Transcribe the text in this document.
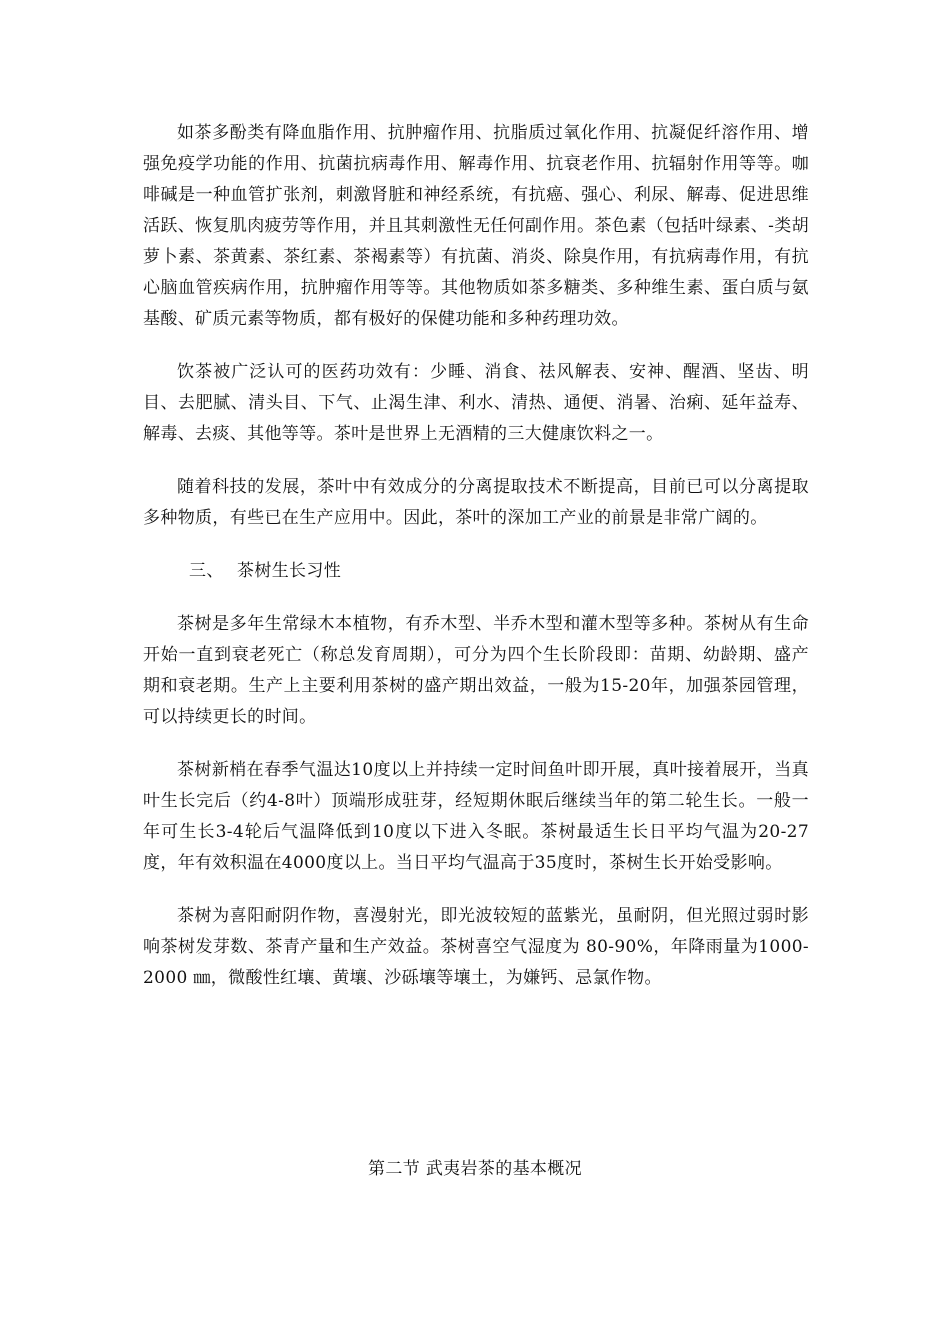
如茶多酚类有降血脂作用、抗肿瘤作用、抗脂质过氧化作用、抗凝促纤溶作用、增强免疫学功能的作用、抗菌抗病毒作用、解毒作用、抗衰老作用、抗辐射作用等等。咖啡碱是一种血管扩张剂，刺激肾脏和神经系统，有抗癌、强心、利尿、解毒、促进思维活跃、恢复肌肉疲劳等作用，并且其刺激性无任何副作用。茶色素（包括叶绿素、-类胡萝卜素、茶黄素、茶红素、茶褐素等）有抗菌、消炎、除臭作用，有抗病毒作用，有抗心脑血管疾病作用，抗肿瘤作用等等。其他物质如茶多糖类、多种维生素、蛋白质与氨基酸、矿质元素等物质，都有极好的保健功能和多种药理功效。

饮茶被广泛认可的医药功效有：少睡、消食、祛风解表、安神、醒酒、坚齿、明目、去肥腻、清头目、下气、止渴生津、利水、清热、通便、消暑、治痢、延年益寿、解毒、去痰、其他等等。茶叶是世界上无酒精的三大健康饮料之一。

随着科技的发展，茶叶中有效成分的分离提取技术不断提高，目前已可以分离提取多种物质，有些已在生产应用中。因此，茶叶的深加工产业的前景是非常广阔的。

三、 茶树生长习性

茶树是多年生常绿木本植物，有乔木型、半乔木型和灌木型等多种。茶树从有生命开始一直到衰老死亡（称总发育周期），可分为四个生长阶段即：苗期、幼龄期、盛产期和衰老期。生产上主要利用茶树的盛产期出效益，一般为15-20年，加强茶园管理，可以持续更长的时间。

茶树新梢在春季气温达10度以上并持续一定时间鱼叶即开展，真叶接着展开，当真叶生长完后（约4-8叶）顶端形成驻芽，经短期休眠后继续当年的第二轮生长。一般一年可生长3-4轮后气温降低到10度以下进入冬眠。茶树最适生长日平均气温为20-27度，年有效积温在4000度以上。当日平均气温高于35度时，茶树生长开始受影响。

茶树为喜阳耐阴作物，喜漫射光，即光波较短的蓝紫光，虽耐阴，但光照过弱时影响茶树发芽数、茶青产量和生产效益。茶树喜空气湿度为 80-90%，年降雨量为1000-2000 ㎜，微酸性红壤、黄壤、沙砾壤等壤土，为嫌钙、忌氯作物。

第二节 武夷岩茶的基本概况
